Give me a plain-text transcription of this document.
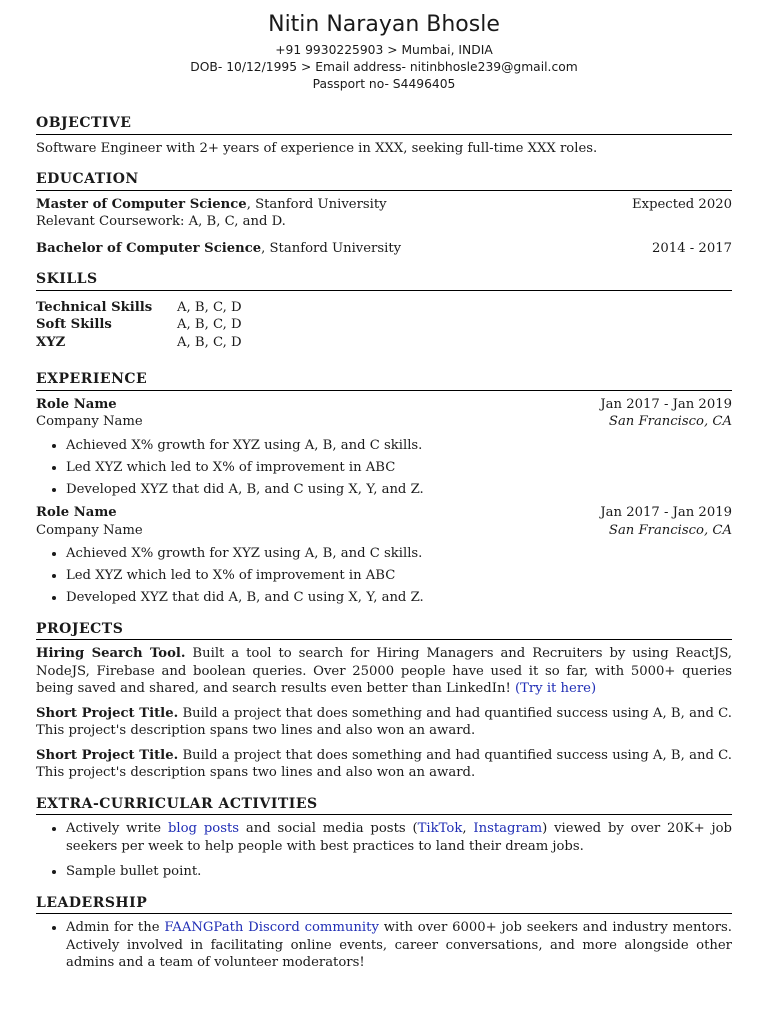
Nitin Narayan Bhosle
+91 9930225903 > Mumbai, INDIA
DOB- 10/12/1995 > Email address- nitinbhosle239@gmail.com
Passport no- S4496405
OBJECTIVE
Software Engineer with 2+ years of experience in XXX, seeking full-time XXX roles.
EDUCATION
Master of Computer Science, Stanford University	Expected 2020
Relevant Coursework: A, B, C, and D.
Bachelor of Computer Science, Stanford University	2014 - 2017
SKILLS
Technical Skills	A, B, C, D
Soft Skills	A, B, C, D
XYZ	A, B, C, D
EXPERIENCE
Role Name	Jan 2017 - Jan 2019
Company Name	San Francisco, CA
• Achieved X% growth for XYZ using A, B, and C skills.
• Led XYZ which led to X% of improvement in ABC
• Developed XYZ that did A, B, and C using X, Y, and Z.
Role Name	Jan 2017 - Jan 2019
Company Name	San Francisco, CA
• Achieved X% growth for XYZ using A, B, and C skills.
• Led XYZ which led to X% of improvement in ABC
• Developed XYZ that did A, B, and C using X, Y, and Z.
PROJECTS
Hiring Search Tool. Built a tool to search for Hiring Managers and Recruiters by using ReactJS, NodeJS, Firebase and boolean queries. Over 25000 people have used it so far, with 5000+ queries being saved and shared, and search results even better than LinkedIn! (Try it here)
Short Project Title. Build a project that does something and had quantified success using A, B, and C. This project's description spans two lines and also won an award.
Short Project Title. Build a project that does something and had quantified success using A, B, and C. This project's description spans two lines and also won an award.
EXTRA-CURRICULAR ACTIVITIES
• Actively write blog posts and social media posts (TikTok, Instagram) viewed by over 20K+ job seekers per week to help people with best practices to land their dream jobs.
• Sample bullet point.
LEADERSHIP
• Admin for the FAANGPath Discord community with over 6000+ job seekers and industry mentors. Actively involved in facilitating online events, career conversations, and more alongside other admins and a team of volunteer moderators!
